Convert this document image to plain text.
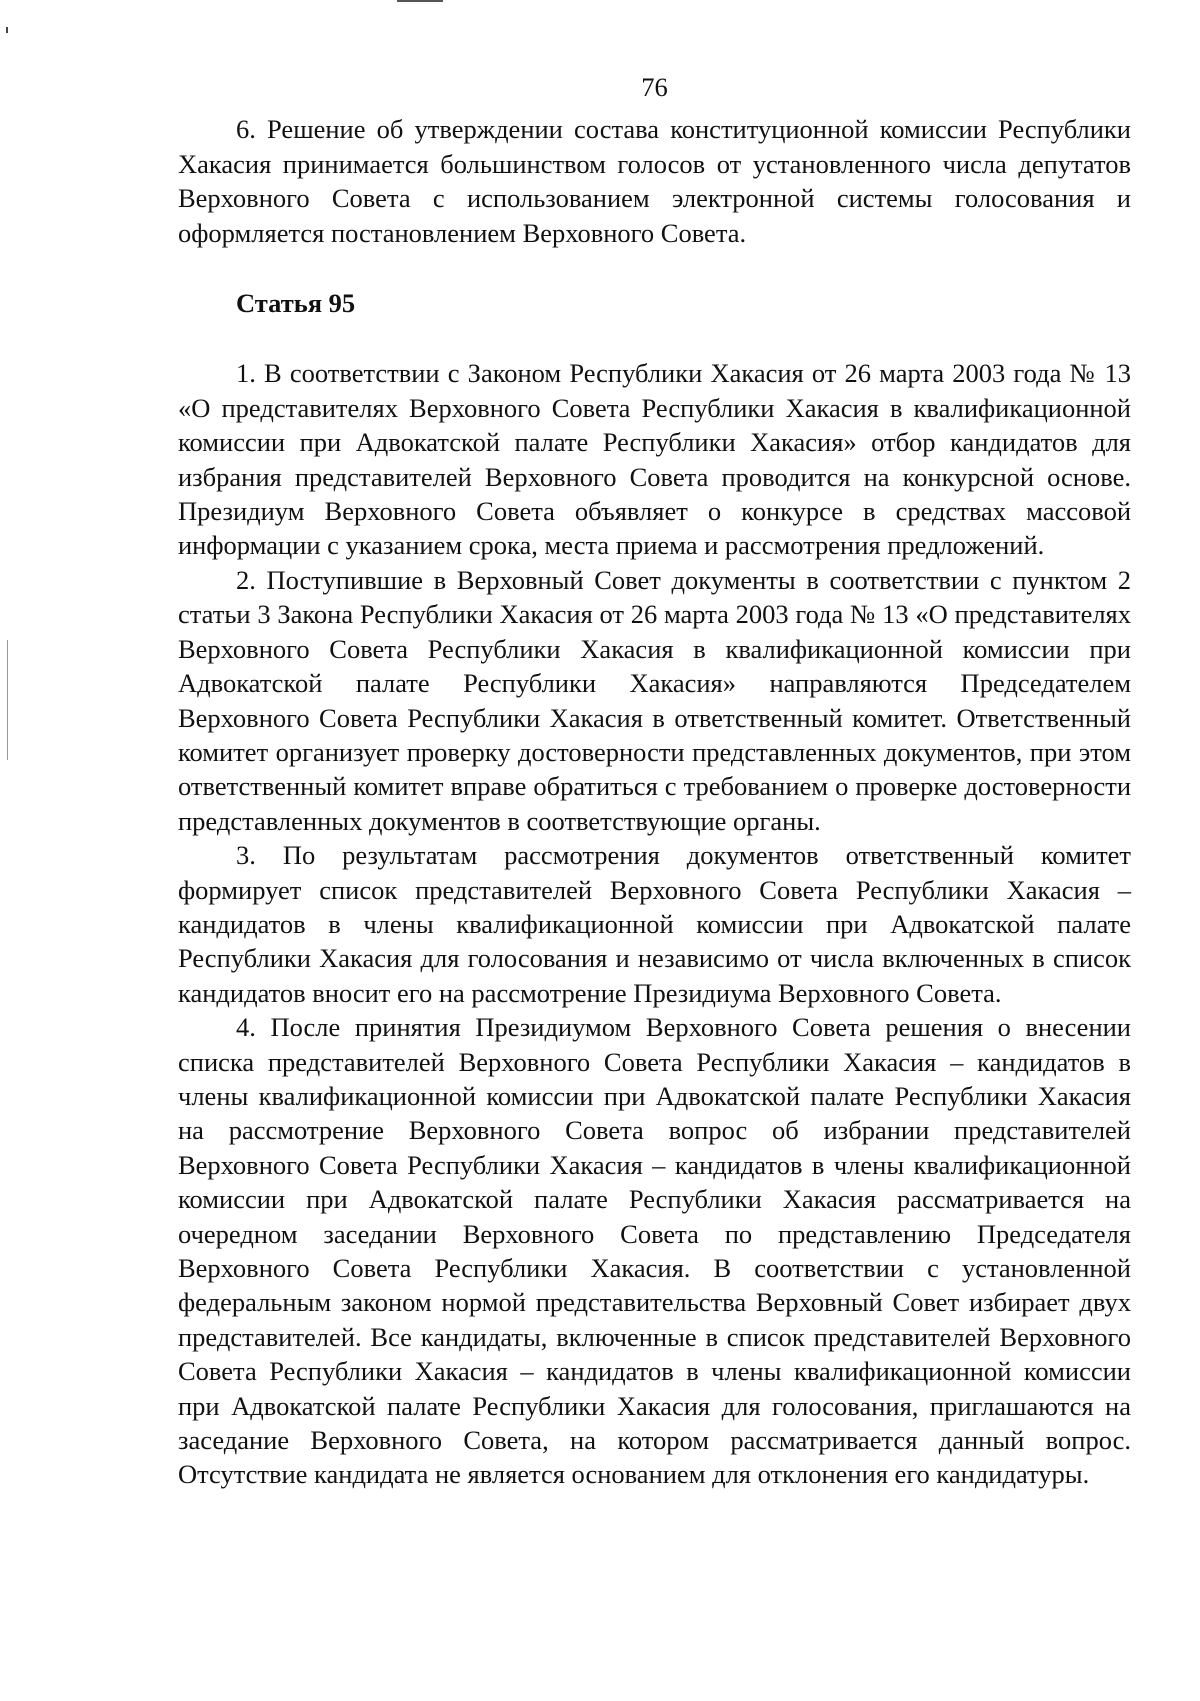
76

6. Решение об утверждении состава конституционной комиссии Республики Хакасия принимается большинством голосов от установленного числа депутатов Верховного Совета с использованием электронной системы голосования и оформляется постановлением Верховного Совета.

Статья 95

1. В соответствии с Законом Республики Хакасия от 26 марта 2003 года № 13 «О представителях Верховного Совета Республики Хакасия в квалификационной комиссии при Адвокатской палате Республики Хакасия» отбор кандидатов для избрания представителей Верховного Совета проводится на конкурсной основе. Президиум Верховного Совета объявляет о конкурсе в средствах массовой информации с указанием срока, места приема и рассмотрения предложений.

2. Поступившие в Верховный Совет документы в соответствии с пунктом 2 статьи 3 Закона Республики Хакасия от 26 марта 2003 года № 13 «О представителях Верховного Совета Республики Хакасия в квалификационной комиссии при Адвокатской палате Республики Хакасия» направляются Председателем Верховного Совета Республики Хакасия в ответственный комитет. Ответственный комитет организует проверку достоверности представленных документов, при этом ответственный комитет вправе обратиться с требованием о проверке достоверности представленных документов в соответствующие органы.

3. По результатам рассмотрения документов ответственный комитет формирует список представителей Верховного Совета Республики Хакасия – кандидатов в члены квалификационной комиссии при Адвокатской палате Республики Хакасия для голосования и независимо от числа включенных в список кандидатов вносит его на рассмотрение Президиума Верховного Совета.

4. После принятия Президиумом Верховного Совета решения о внесении списка представителей Верховного Совета Республики Хакасия – кандидатов в члены квалификационной комиссии при Адвокатской палате Республики Хакасия на рассмотрение Верховного Совета вопрос об избрании представителей Верховного Совета Республики Хакасия – кандидатов в члены квалификационной комиссии при Адвокатской палате Республики Хакасия рассматривается на очередном заседании Верховного Совета по представлению Председателя Верховного Совета Республики Хакасия. В соответствии с установленной федеральным законом нормой представительства Верховный Совет избирает двух представителей. Все кандидаты, включенные в список представителей Верховного Совета Республики Хакасия – кандидатов в члены квалификационной комиссии при Адвокатской палате Республики Хакасия для голосования, приглашаются на заседание Верховного Совета, на котором рассматривается данный вопрос. Отсутствие кандидата не является основанием для отклонения его кандидатуры.
